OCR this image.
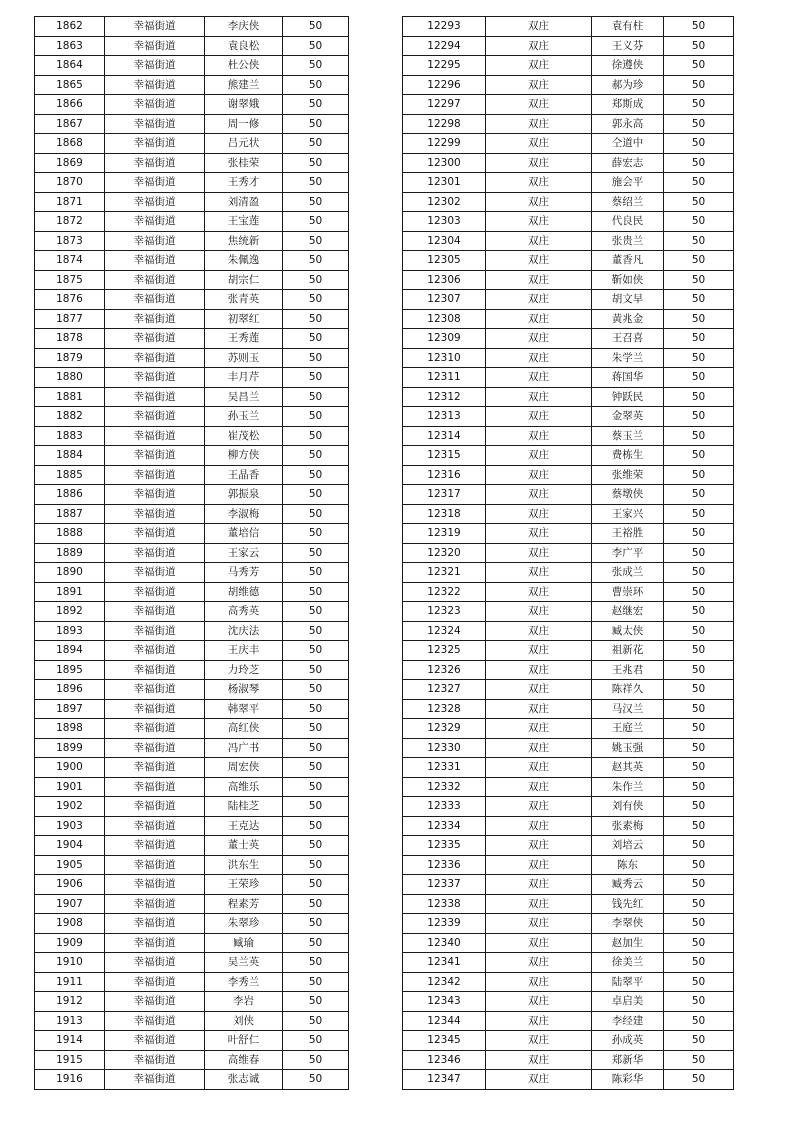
1862	幸福街道	李庆侠	50
1863	幸福街道	袁良松	50
1864	幸福街道	杜公侠	50
1865	幸福街道	熊建兰	50
1866	幸福街道	谢翠娥	50
1867	幸福街道	周一修	50
1868	幸福街道	吕元状	50
1869	幸福街道	张桂荣	50
1870	幸福街道	王秀才	50
1871	幸福街道	刘清盈	50
1872	幸福街道	王宝莲	50
1873	幸福街道	焦统新	50
1874	幸福街道	朱佩逸	50
1875	幸福街道	胡宗仁	50
1876	幸福街道	张青英	50
1877	幸福街道	初翠红	50
1878	幸福街道	王秀莲	50
1879	幸福街道	苏则玉	50
1880	幸福街道	丰月芹	50
1881	幸福街道	吴昌兰	50
1882	幸福街道	孙玉兰	50
1883	幸福街道	崔茂松	50
1884	幸福街道	柳方侠	50
1885	幸福街道	王晶香	50
1886	幸福街道	郭振泉	50
1887	幸福街道	李淑梅	50
1888	幸福街道	董培信	50
1889	幸福街道	王家云	50
1890	幸福街道	马秀芳	50
1891	幸福街道	胡维德	50
1892	幸福街道	高秀英	50
1893	幸福街道	沈庆法	50
1894	幸福街道	王庆丰	50
1895	幸福街道	力玲芝	50
1896	幸福街道	杨淑琴	50
1897	幸福街道	韩翠平	50
1898	幸福街道	高红侠	50
1899	幸福街道	冯广书	50
1900	幸福街道	周宏侠	50
1901	幸福街道	高维乐	50
1902	幸福街道	陆桂芝	50
1903	幸福街道	王克达	50
1904	幸福街道	董士英	50
1905	幸福街道	洪东生	50
1906	幸福街道	王荣珍	50
1907	幸福街道	程素芳	50
1908	幸福街道	朱翠珍	50
1909	幸福街道	臧瑜	50
1910	幸福街道	吴兰英	50
1911	幸福街道	李秀兰	50
1912	幸福街道	李岩	50
1913	幸福街道	刘侠	50
1914	幸福街道	叶舒仁	50
1915	幸福街道	高维春	50
1916	幸福街道	张志诚	50
12293	双庄	袁有柱	50
12294	双庄	王义芬	50
12295	双庄	徐遵侠	50
12296	双庄	郝为珍	50
12297	双庄	郑斯成	50
12298	双庄	郭永高	50
12299	双庄	仝道中	50
12300	双庄	薛宏志	50
12301	双庄	施会平	50
12302	双庄	蔡绍兰	50
12303	双庄	代良民	50
12304	双庄	张贵兰	50
12305	双庄	董香凡	50
12306	双庄	靳如侠	50
12307	双庄	胡文早	50
12308	双庄	黄兆金	50
12309	双庄	王召喜	50
12310	双庄	朱学兰	50
12311	双庄	蒋国华	50
12312	双庄	钟跃民	50
12313	双庄	金翠英	50
12314	双庄	蔡玉兰	50
12315	双庄	费栋生	50
12316	双庄	张维荣	50
12317	双庄	蔡墩侠	50
12318	双庄	王家兴	50
12319	双庄	王裕胜	50
12320	双庄	李广平	50
12321	双庄	张成兰	50
12322	双庄	曹崇环	50
12323	双庄	赵继宏	50
12324	双庄	臧太侠	50
12325	双庄	祖新花	50
12326	双庄	王兆君	50
12327	双庄	陈祥久	50
12328	双庄	马汉兰	50
12329	双庄	王庭兰	50
12330	双庄	姚玉强	50
12331	双庄	赵其英	50
12332	双庄	朱作兰	50
12333	双庄	刘有侠	50
12334	双庄	张素梅	50
12335	双庄	刘培云	50
12336	双庄	陈东	50
12337	双庄	臧秀云	50
12338	双庄	钱先红	50
12339	双庄	李翠侠	50
12340	双庄	赵加生	50
12341	双庄	徐美兰	50
12342	双庄	陆翠平	50
12343	双庄	卓启美	50
12344	双庄	李经建	50
12345	双庄	孙成英	50
12346	双庄	郑新华	50
12347	双庄	陈彩华	50
